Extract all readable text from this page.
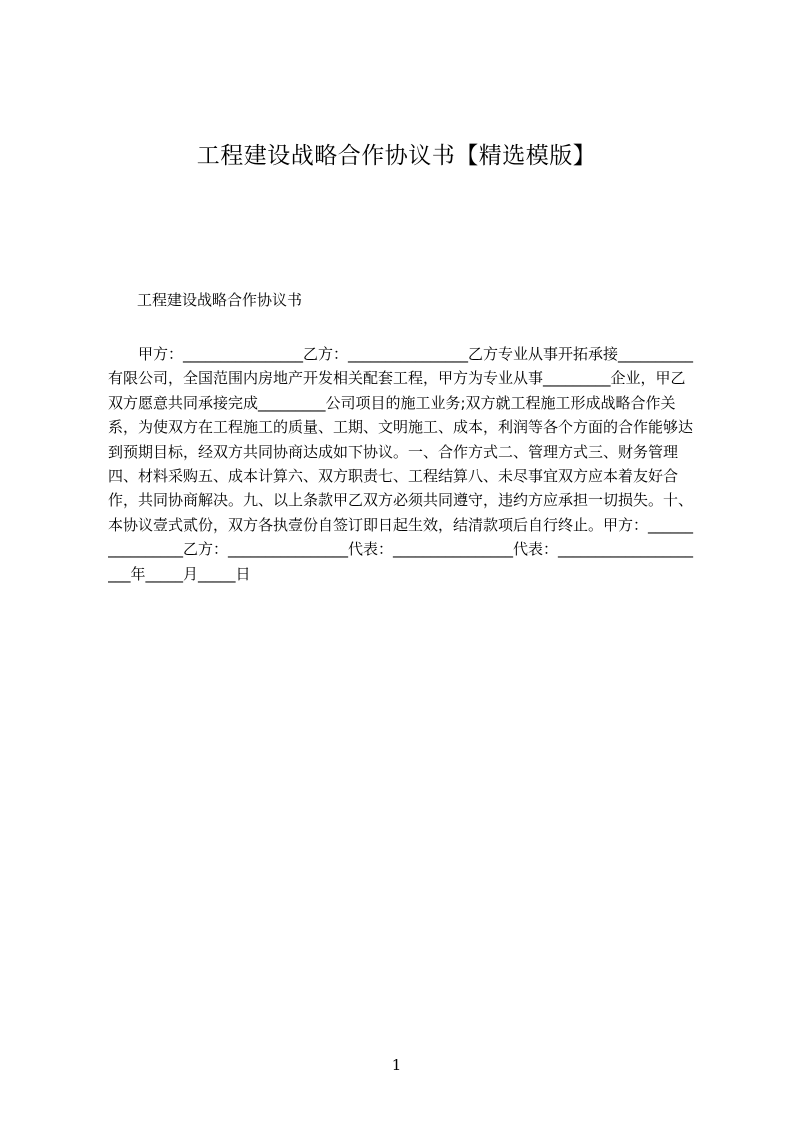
工程建设战略合作协议书【精选模版】
工程建设战略合作协议书

甲方：________________乙方：________________乙方专业从事开拓承接__________有限公司，全国范围内房地产开发相关配套工程，甲方为专业从事_________企业，甲乙双方愿意共同承接完成_________公司项目的施工业务;双方就工程施工形成战略合作关系，为使双方在工程施工的质量、工期、文明施工、成本，利润等各个方面的合作能够达到预期目标，经双方共同协商达成如下协议。一、合作方式二、管理方式三、财务管理四、材料采购五、成本计算六、双方职责七、工程结算八、未尽事宜双方应本着友好合作，共同协商解决。九、以上条款甲乙双方必须共同遵守，违约方应承担一切损失。十、本协议壹式贰份，双方各执壹份自签订即日起生效，结清款项后自行终止。甲方：________________乙方：________________代表：________________代表：_____________________年_____月_____日

1
